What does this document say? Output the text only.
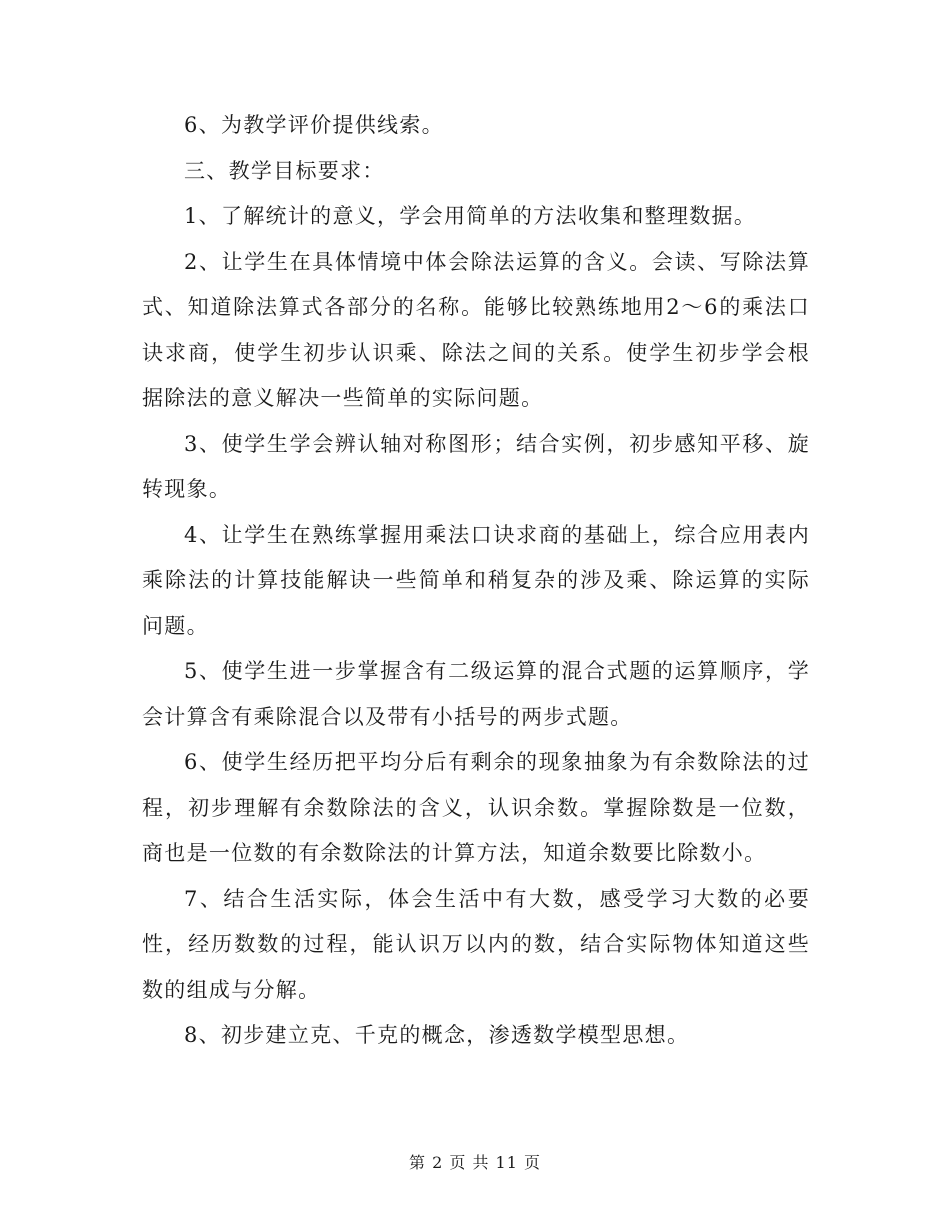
6、为教学评价提供线索。

三、教学目标要求：

1、了解统计的意义，学会用简单的方法收集和整理数据。

2、让学生在具体情境中体会除法运算的含义。会读、写除法算式、知道除法算式各部分的名称。能够比较熟练地用2～6的乘法口诀求商，使学生初步认识乘、除法之间的关系。使学生初步学会根据除法的意义解决一些简单的实际问题。

3、使学生学会辨认轴对称图形；结合实例，初步感知平移、旋转现象。

4、让学生在熟练掌握用乘法口诀求商的基础上，综合应用表内乘除法的计算技能解诀一些简单和稍复杂的涉及乘、除运算的实际问题。

5、使学生进一步掌握含有二级运算的混合式题的运算顺序，学会计算含有乘除混合以及带有小括号的两步式题。

6、使学生经历把平均分后有剩余的现象抽象为有余数除法的过程，初步理解有余数除法的含义，认识余数。掌握除数是一位数，商也是一位数的有余数除法的计算方法，知道余数要比除数小。

7、结合生活实际，体会生活中有大数，感受学习大数的必要性，经历数数的过程，能认识万以内的数，结合实际物体知道这些数的组成与分解。

8、初步建立克、千克的概念，渗透数学模型思想。

第 2 页 共 11 页
